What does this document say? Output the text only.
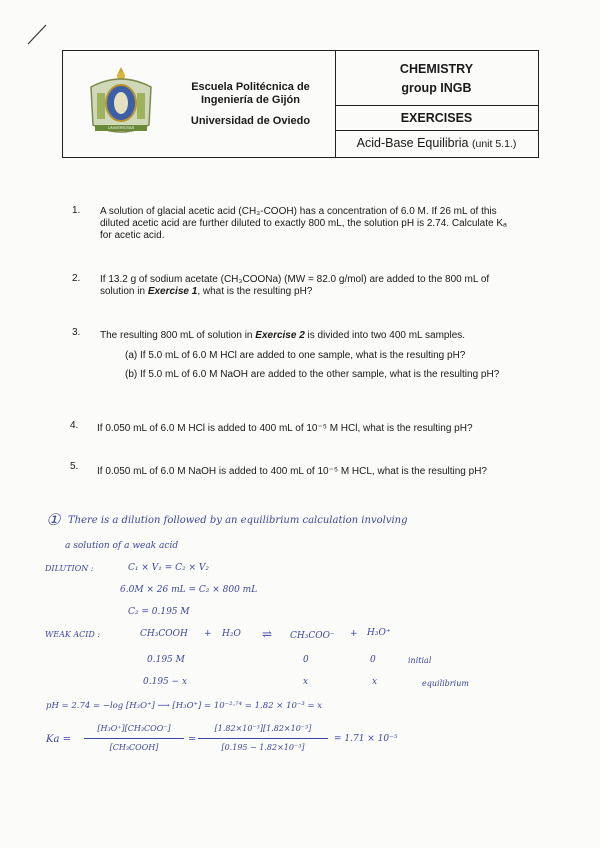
UNIVERSITAS
Escuela Politécnica de
Ingeniería de Gijón
Universidad de Oviedo
CHEMISTRY
group INGB
EXERCISES
Acid-Base Equilibria (unit 5.1.)
1. A solution of glacial acetic acid (CH₃-COOH) has a concentration of 6.0 M. If 26 mL of this diluted acetic acid are further diluted to exactly 800 mL, the solution pH is 2.74. Calculate Kₐ for acetic acid.
2. If 13.2 g of sodium acetate (CH₃COONa) (MW = 82.0 g/mol) are added to the 800 mL of solution in Exercise 1, what is the resulting pH?
3. The resulting 800 mL of solution in Exercise 2 is divided into two 400 mL samples.
(a) If 5.0 mL of 6.0 M HCl are added to one sample, what is the resulting pH?
(b) If 5.0 mL of 6.0 M NaOH are added to the other sample, what is the resulting pH?
4. If 0.050 mL of 6.0 M HCl is added to 400 mL of 10⁻⁵ M HCl, what is the resulting pH?
5. If 0.050 mL of 6.0 M NaOH is added to 400 mL of 10⁻⁵ M HCL, what is the resulting pH?
① There is a dilution followed by an equilibrium calculation involving
a solution of a weak acid
DILUTION :	C₁ × V₁ = C₂ × V₂
6.0M × 26 mL = C₂ × 800 mL
C₂ = 0.195 M
WEAK ACID :	CH₃COOH + H₂O ⇌ CH₃COO⁻ + H₃O⁺
0.195 M	0	0	initial
0.195 − x	x	x	equilibrium
pH = 2.74 = −log [H₃O⁺] ⟶ [H₃O⁺] = 10⁻²·⁷⁴ = 1.82 × 10⁻³ = x
Ka =
[H₃O⁺][CH₃COO⁻]
[CH₃COOH]
=
[1.82×10⁻³][1.82×10⁻³]
[0.195 − 1.82×10⁻³]
= 1.71 × 10⁻⁵
